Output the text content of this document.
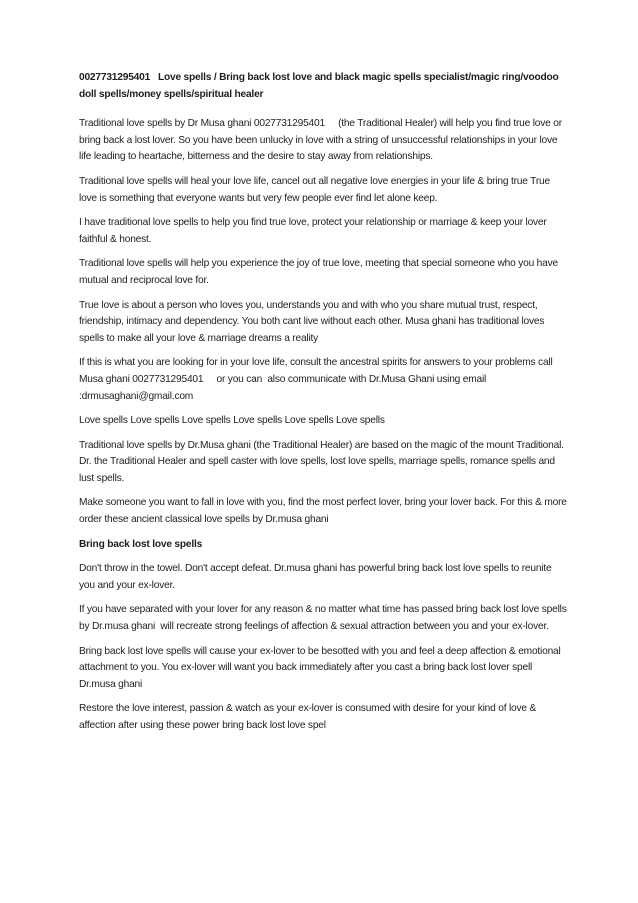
0027731295401   Love spells / Bring back lost love and black magic spells specialist/magic ring/voodoo doll spells/money spells/spiritual healer

Traditional love spells by Dr Musa ghani 0027731295401     (the Traditional Healer) will help you find true love or bring back a lost lover. So you have been unlucky in love with a string of unsuccessful relationships in your love life leading to heartache, bitterness and the desire to stay away from relationships.

Traditional love spells will heal your love life, cancel out all negative love energies in your life & bring true True  love is something that everyone wants but very few people ever find let alone keep.

I have traditional love spells to help you find true love, protect your relationship or marriage & keep your lover faithful & honest.

Traditional love spells will help you experience the joy of true love, meeting that special someone who you have mutual and reciprocal love for.

True love is about a person who loves you, understands you and with who you share mutual trust, respect, friendship, intimacy and dependency. You both cant live without each other. Musa ghani has traditional loves spells to make all your love & marriage dreams a reality

If this is what you are looking for in your love life, consult the ancestral spirits for answers to your problems call Musa ghani 0027731295401     or you can  also communicate with Dr.Musa Ghani using email :drmusaghani@gmail.com

Love spells Love spells Love spells Love spells Love spells Love spells

Traditional love spells by Dr.Musa ghani (the Traditional Healer) are based on the magic of the mount Traditional. Dr. the Traditional Healer and spell caster with love spells, lost love spells, marriage spells, romance spells and lust spells.

Make someone you want to fall in love with you, find the most perfect lover, bring your lover back. For this & more order these ancient classical love spells by Dr.musa ghani

Bring back lost love spells

Don't throw in the towel. Don't accept defeat. Dr.musa ghani has powerful bring back lost love spells to reunite you and your ex-lover.

If you have separated with your lover for any reason & no matter what time has passed bring back lost love spells by Dr.musa ghani  will recreate strong feelings of affection & sexual attraction between you and your ex-lover.

Bring back lost love spells will cause your ex-lover to be besotted with you and feel a deep affection & emotional attachment to you. You ex-lover will want you back immediately after you cast a bring back lost lover spell Dr.musa ghani

Restore the love interest, passion & watch as your ex-lover is consumed with desire for your kind of love & affection after using these power bring back lost love spel
